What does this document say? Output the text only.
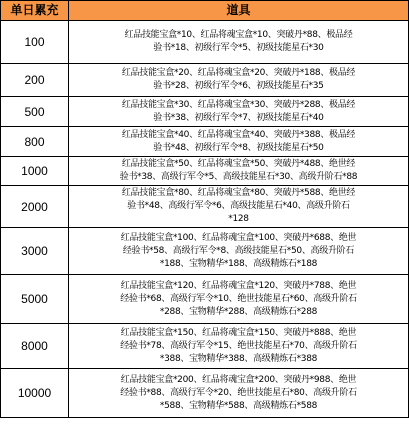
单日累充	道具
100	红品技能宝盒*10、红品将魂宝盒*10、突破丹*88、极品经
验书*18、初级行军令*5、初级技能星石*30

200	红品技能宝盒*20、红品将魂宝盒*20、突破丹*188、极品经
验书*28、初级行军令*6、初级技能星石*35

500	红品技能宝盒*30、红品将魂宝盒*30、突破丹*288、极品经
验书*38、初级行军令*7、初级技能星石*40

800	红品技能宝盒*40、红品将魂宝盒*40、突破丹*388、极品经
验书*48、初级行军令*8、初级技能星石*50

1000	红品技能宝盒*50、红品将魂宝盒*50、突破丹*488、绝世经
验书*38、高级行军令*5、高级技能星石*30、高级升阶石*88

2000	红品技能宝盒*80、红品将魂宝盒*80、突破丹*588、绝世经
验书*48、高级行军令*6、高级技能星石*40、高级升阶石
*128

3000	红品技能宝盒*100、红品将魂宝盒*100、突破丹*688、绝世
经验书*58、高级行军令*8、高级技能星石*50、高级升阶石
*188、宝物精华*188、高级精炼石*188

5000	红品技能宝盒*120、红品将魂宝盒*120、突破丹*788、绝世
经验书*68、高级行军令*10、绝世技能星石*60、高级升阶石
*288、宝物精华*288、高级精炼石*288

8000	红品技能宝盒*150、红品将魂宝盒*150、突破丹*888、绝世
经验书*78、高级行军令*15、绝世技能星石*70、高级升阶石
*388、宝物精华*388、高级精炼石*388

10000	红品技能宝盒*200、红品将魂宝盒*200、突破丹*988、绝世
经验书*88、高级行军令*20、绝世技能星石*80、高级升阶石
*588、宝物精华*588、高级精炼石*588
